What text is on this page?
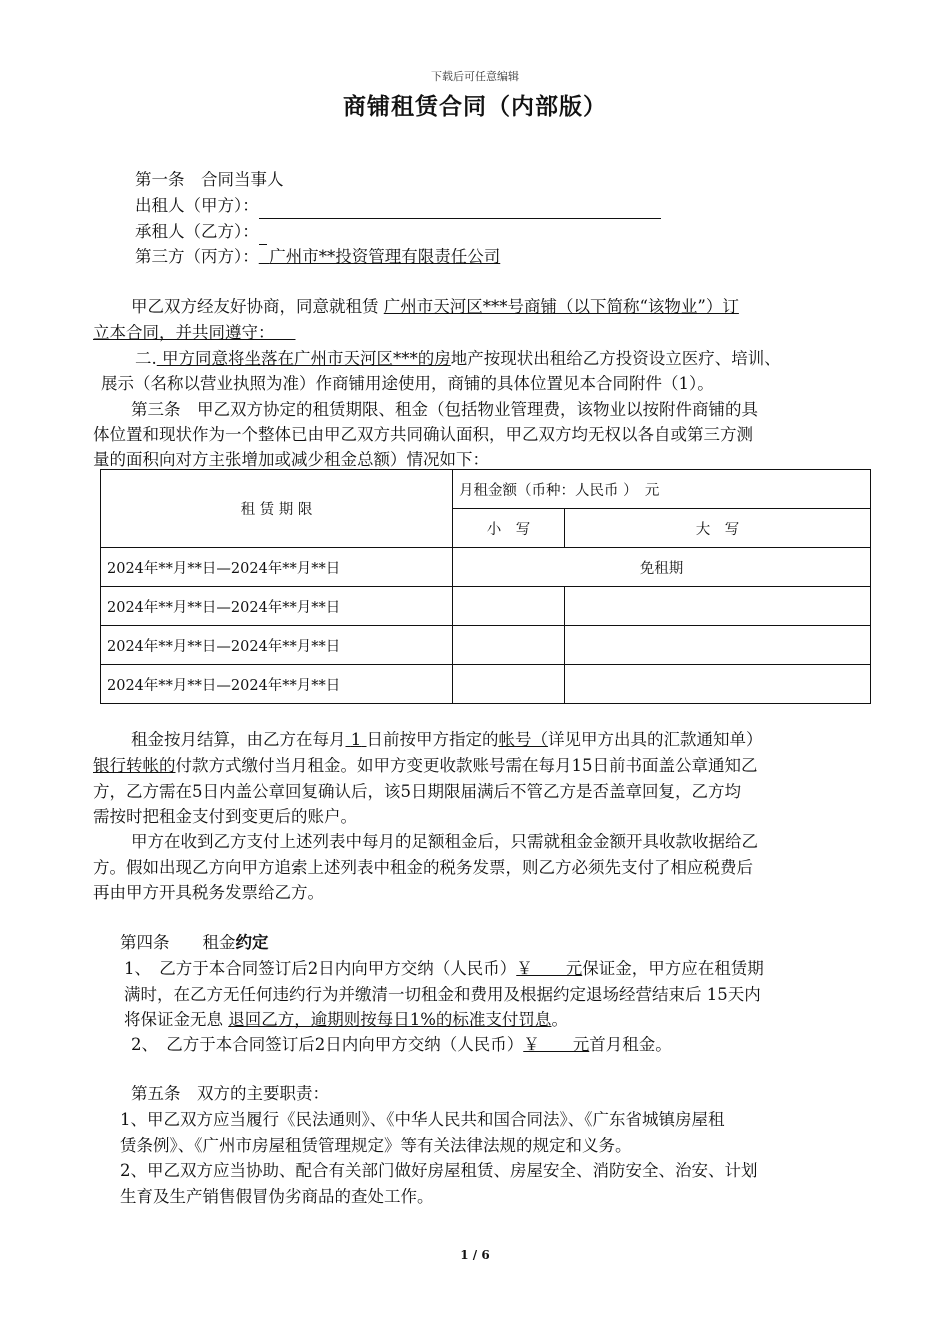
下载后可任意编辑
商铺租赁合同（内部版）
第一条　合同当事人
出租人（甲方）：
承租人（乙方）：
第三方（丙方）： 广州市**投资管理有限责任公司
甲乙双方经友好协商，同意就租赁 广州市天河区***号商铺（以下简称“该物业”）订
立本合同，并共同遵守：
二. 甲方同意将坐落在广州市天河区***的房地产按现状出租给乙方投资设立医疗、培训、
展示（名称以营业执照为准）作商铺用途使用，商铺的具体位置见本合同附件（1）。
第三条　甲乙双方协定的租赁期限、租金（包括物业管理费，该物业以按附件商铺的具
体位置和现状作为一个整体已由甲乙双方共同确认面积，甲乙双方均无权以各自或第三方测
量的面积向对方主张增加或减少租金总额）情况如下：
租 赁 期 限	月租金额（币种：人民币 ）　元	
	小　写	大　写
2024年**月**日—2024年**月**日	免租期	
2024年**月**日—2024年**月**日		
2024年**月**日—2024年**月**日		
2024年**月**日—2024年**月**日		
租金按月结算，由乙方在每月 1 日前按甲方指定的帐号（详见甲方出具的汇款通知单）
银行转帐的付款方式缴付当月租金。如甲方变更收款账号需在每月15日前书面盖公章通知乙
方，乙方需在5日内盖公章回复确认后，该5日期限届满后不管乙方是否盖章回复，乙方均
需按时把租金支付到变更后的账户。
甲方在收到乙方支付上述列表中每月的足额租金后，只需就租金金额开具收款收据给乙
方。假如出现乙方向甲方追索上述列表中租金的税务发票，则乙方必须先支付了相应税费后
再由甲方开具税务发票给乙方。
第四条　　租金约定
1、　乙方于本合同签订后2日内向甲方交纳（人民币）￥　　元保证金，甲方应在租赁期
满时，在乙方无任何违约行为并缴清一切租金和费用及根据约定退场经营结束后 15天内
将保证金无息 退回乙方，逾期则按每日1%的标准支付罚息。
2、　乙方于本合同签订后2日内向甲方交纳（人民币）￥　　元首月租金。
第五条　双方的主要职责：
1、甲乙双方应当履行《民法通则》、《中华人民共和国合同法》、《广东省城镇房屋租
赁条例》、《广州市房屋租赁管理规定》等有关法律法规的规定和义务。
2、甲乙双方应当协助、配合有关部门做好房屋租赁、房屋安全、消防安全、治安、计划
生育及生产销售假冒伪劣商品的查处工作。
1 / 6
